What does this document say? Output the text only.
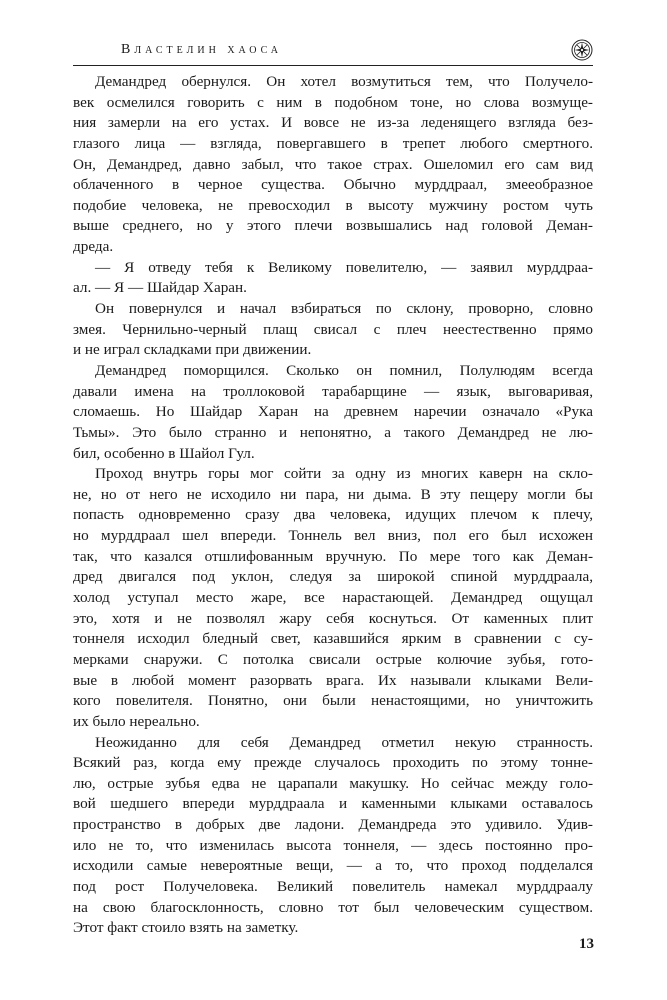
Властелин хаоса
Демандред обернулся. Он хотел возмутиться тем, что Получело-
век осмелился говорить с ним в подобном тоне, но слова возмуще-
ния замерли на его устах. И вовсе не из-за леденящего взгляда без-
глазого лица — взгляда, повергавшего в трепет любого смертного.
Он, Демандред, давно забыл, что такое страх. Ошеломил его сам вид
облаченного в черное существа. Обычно мурддраал, змееобразное
подобие человека, не превосходил в высоту мужчину ростом чуть
выше среднего, но у этого плечи возвышались над головой Деман-
дреда.
— Я отведу тебя к Великому повелителю, — заявил мурддраа-
ал. — Я — Шайдар Харан.
Он повернулся и начал взбираться по склону, проворно, словно
змея. Чернильно-черный плащ свисал с плеч неестественно прямо
и не играл складками при движении.
Демандред поморщился. Сколько он помнил, Полулюдям всегда
давали имена на троллоковой тарабарщине — язык, выговаривая,
сломаешь. Но Шайдар Харан на древнем наречии означало «Рука
Тьмы». Это было странно и непонятно, а такого Демандред не лю-
бил, особенно в Шайол Гул.
Проход внутрь горы мог сойти за одну из многих каверн на скло-
не, но от него не исходило ни пара, ни дыма. В эту пещеру могли бы
попасть одновременно сразу два человека, идущих плечом к плечу,
но мурддраал шел впереди. Тоннель вел вниз, пол его был исхожен
так, что казался отшлифованным вручную. По мере того как Деман-
дред двигался под уклон, следуя за широкой спиной мурддраала,
холод уступал место жаре, все нарастающей. Демандред ощущал
это, хотя и не позволял жару себя коснуться. От каменных плит
тоннеля исходил бледный свет, казавшийся ярким в сравнении с су-
мерками снаружи. С потолка свисали острые колючие зубья, гото-
вые в любой момент разорвать врага. Их называли клыками Вели-
кого повелителя. Понятно, они были ненастоящими, но уничтожить
их было нереально.
Неожиданно для себя Демандред отметил некую странность.
Всякий раз, когда ему прежде случалось проходить по этому тонне-
лю, острые зубья едва не царапали макушку. Но сейчас между голо-
вой шедшего впереди мурддраала и каменными клыками оставалось
пространство в добрых две ладони. Демандреда это удивило. Удив-
ило не то, что изменилась высота тоннеля, — здесь постоянно про-
исходили самые невероятные вещи, — а то, что проход подделался
под рост Получеловека. Великий повелитель намекал мурддраалу
на свою благосклонность, словно тот был человеческим существом.
Этот факт стоило взять на заметку.
13
